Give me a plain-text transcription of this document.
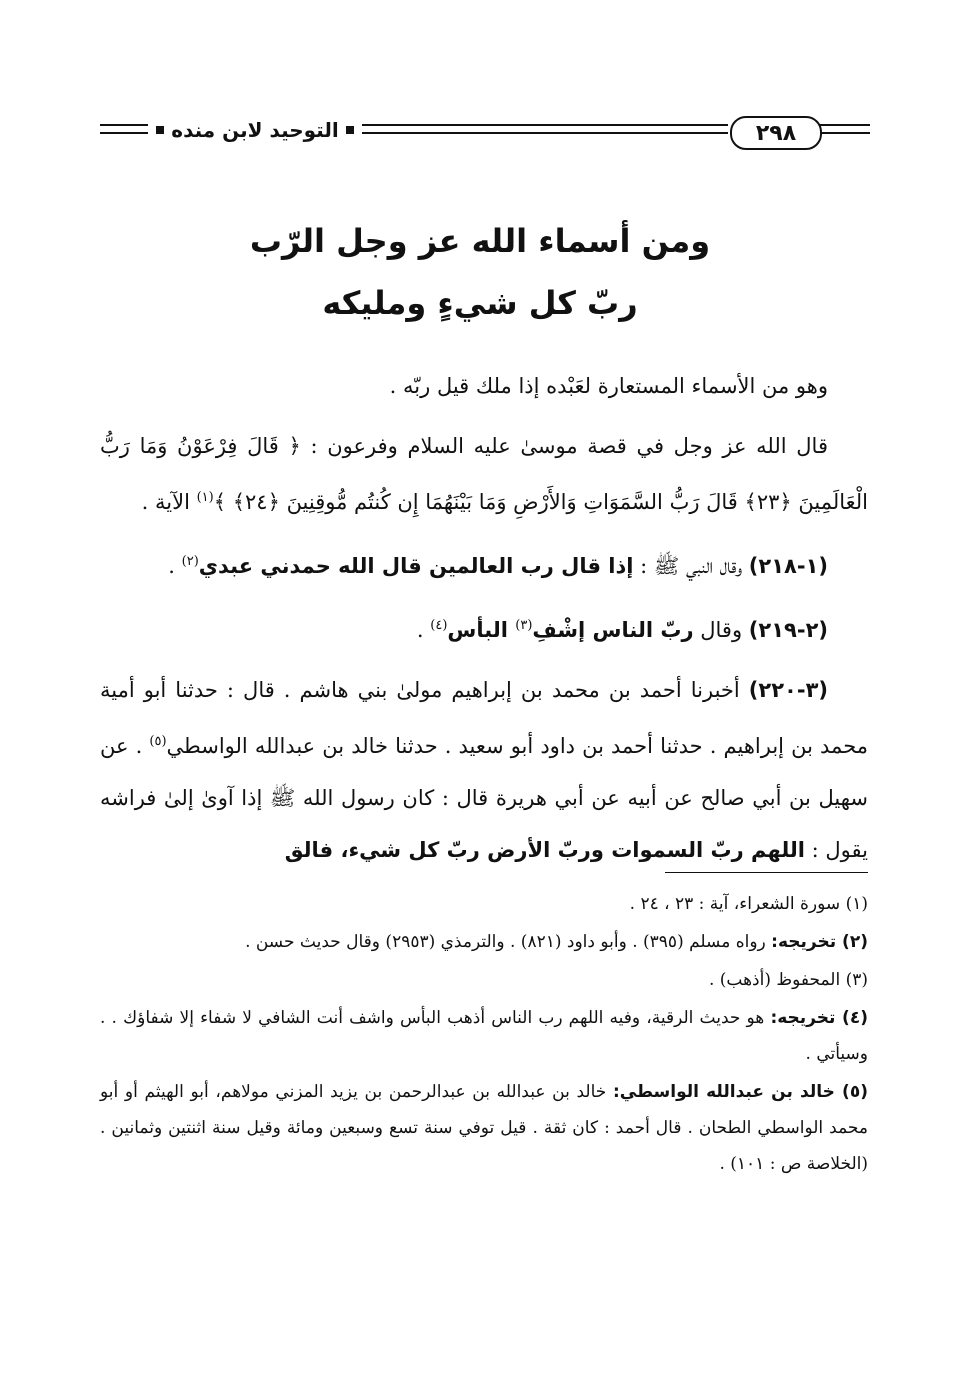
٢٩٨
التوحيد لابن منده
ومن أسماء الله عز وجل الرّب
ربّ كل شيءٍ ومليكه

وهو من الأسماء المستعارة لعَبْده إذا ملك قيل ربّه .

قال الله عز وجل في قصة موسىٰ عليه السلام وفرعون : ﴿ قَالَ فِرْعَوْنُ وَمَا رَبُّ الْعَالَمِينَ ﴿٢٣﴾ قَالَ رَبُّ السَّمَوَاتِ وَالأَرْضِ وَمَا بَيْنَهُمَا إِن كُنتُم مُّوقِنِينَ ﴿٢٤﴾ ﴾$^{(١)}$ الآية .

(١-٢١٨) وقال النبي ﷺ : إذا قال رب العالمين قال الله حمدني عبدي$^{(٢)}$ .

(٢-٢١٩) وقال ربّ الناس إشْفِ$^{(٣)}$ البأس$^{(٤)}$ .

(٣-٢٢٠) أخبرنا أحمد بن محمد بن إبراهيم مولىٰ بني هاشم . قال : حدثنا أبو أمية محمد بن إبراهيم . حدثنا أحمد بن داود أبو سعيد . حدثنا خالد بن عبدالله الواسطي$^{(٥)}$ . عن سهيل بن أبي صالح عن أبيه عن أبي هريرة قال : كان رسول الله ﷺ إذا آوىٰ إلىٰ فراشه يقول : اللهم ربّ السموات وربّ الأرض ربّ كل شيء، فالق

(١) سورة الشعراء، آية : ٢٣ ، ٢٤ .

(٢) تخريجه: رواه مسلم (٣٩٥) . وأبو داود (٨٢١) . والترمذي (٢٩٥٣) وقال حديث حسن .

(٣) المحفوظ (أذهب) .

(٤) تخريجه: هو حديث الرقية، وفيه اللهم رب الناس أذهب البأس واشف أنت الشافي لا شفاء إلا شفاؤك . . وسيأتي .

(٥) خالد بن عبدالله الواسطي: خالد بن عبدالله بن عبدالرحمن بن يزيد المزني مولاهم، أبو الهيثم أو أبو محمد الواسطي الطحان . قال أحمد : كان ثقة . قيل توفي سنة تسع وسبعين ومائة وقيل سنة اثنتين وثمانين . (الخلاصة ص : ١٠١) .
